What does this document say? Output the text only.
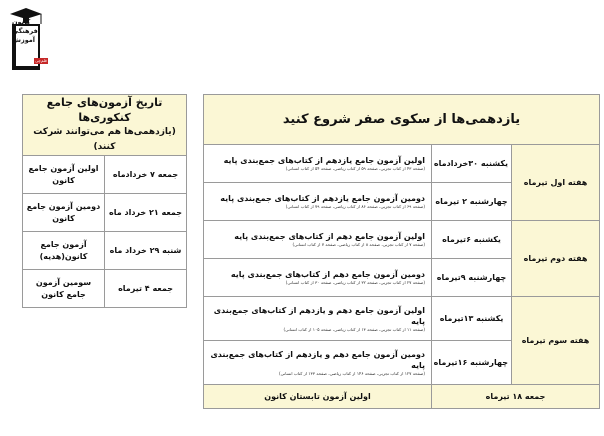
کانون
فرهنگی
آموزش
قلم‌چی
یازدهمی‌ها از سکوی صفر شروع کنید		
هفته اول تیرماه	یکشنبه ۳۰خردادماه	اولین آزمون جامع یازدهم از کتاب‌های جمع‌بندی پایه
(صفحه ۴۳ از کتاب تجربی، صفحه ۵۹ از کتاب ریاضی، صفحه ۵۴ از کتاب انسانی)

	چهارشنبه ۲ تیرماه	دومین آزمون جامع یازدهم از کتاب‌های جمع‌بندی پایه
(صفحه ۶۹ از کتاب تجربی، صفحه ۸۶ از کتاب ریاضی، صفحه ۷۹ از کتاب انسانی)

هفته دوم تیرماه	یکشنبه ۶تیرماه	اولین آزمون جامع دهم از کتاب‌های جمع‌بندی پایه
(صفحه ۷ از کتاب تجربی، صفحه ۸ از کتاب ریاضی، صفحه ۷ از کتاب انسانی)

	چهارشنبه ۹تیرماه	دومین آزمون جامع دهم از کتاب‌های جمع‌بندی پایه
(صفحه ۲۷ از کتاب تجربی، صفحه ۳۲ از کتاب ریاضی، صفحه ۳۰ از کتاب انسانی)

هفته سوم تیرماه	یکشنبه ۱۳تیرماه	اولین آزمون جامع دهم و یازدهم از کتاب‌های جمع‌بندی پایه
(صفحه ۱۱ از کتاب تجربی، صفحه ۱۳ از کتاب ریاضی، صفحه ۱۰۵ از کتاب انسانی)

	چهارشنبه ۱۶تیرماه	دومین آزمون جامع دهم و یازدهم از کتاب‌های جمع‌بندی پایه
(صفحه ۱۲۷ از کتاب تجربی، صفحه ۱۴۶ از کتاب ریاضی، صفحه ۱۳۳ از کتاب انسانی)

جمعه ۱۸ تیرماه		اولین آزمون تابستان کانون
تاریخ آزمون‌های جامع کنکوری‌ها
(یازدهمی‌ها هم می‌توانند شرکت کنند)	

جمعه ۷ خردادماه	اولین آزمون جامع کانون
جمعه ۲۱ خرداد ماه	دومین آزمون جامع کانون
شنبه ۲۹ خرداد ماه	آزمون جامع کانون(هدیه)
جمعه ۴ تیرماه	سومین آزمون جامع کانون
